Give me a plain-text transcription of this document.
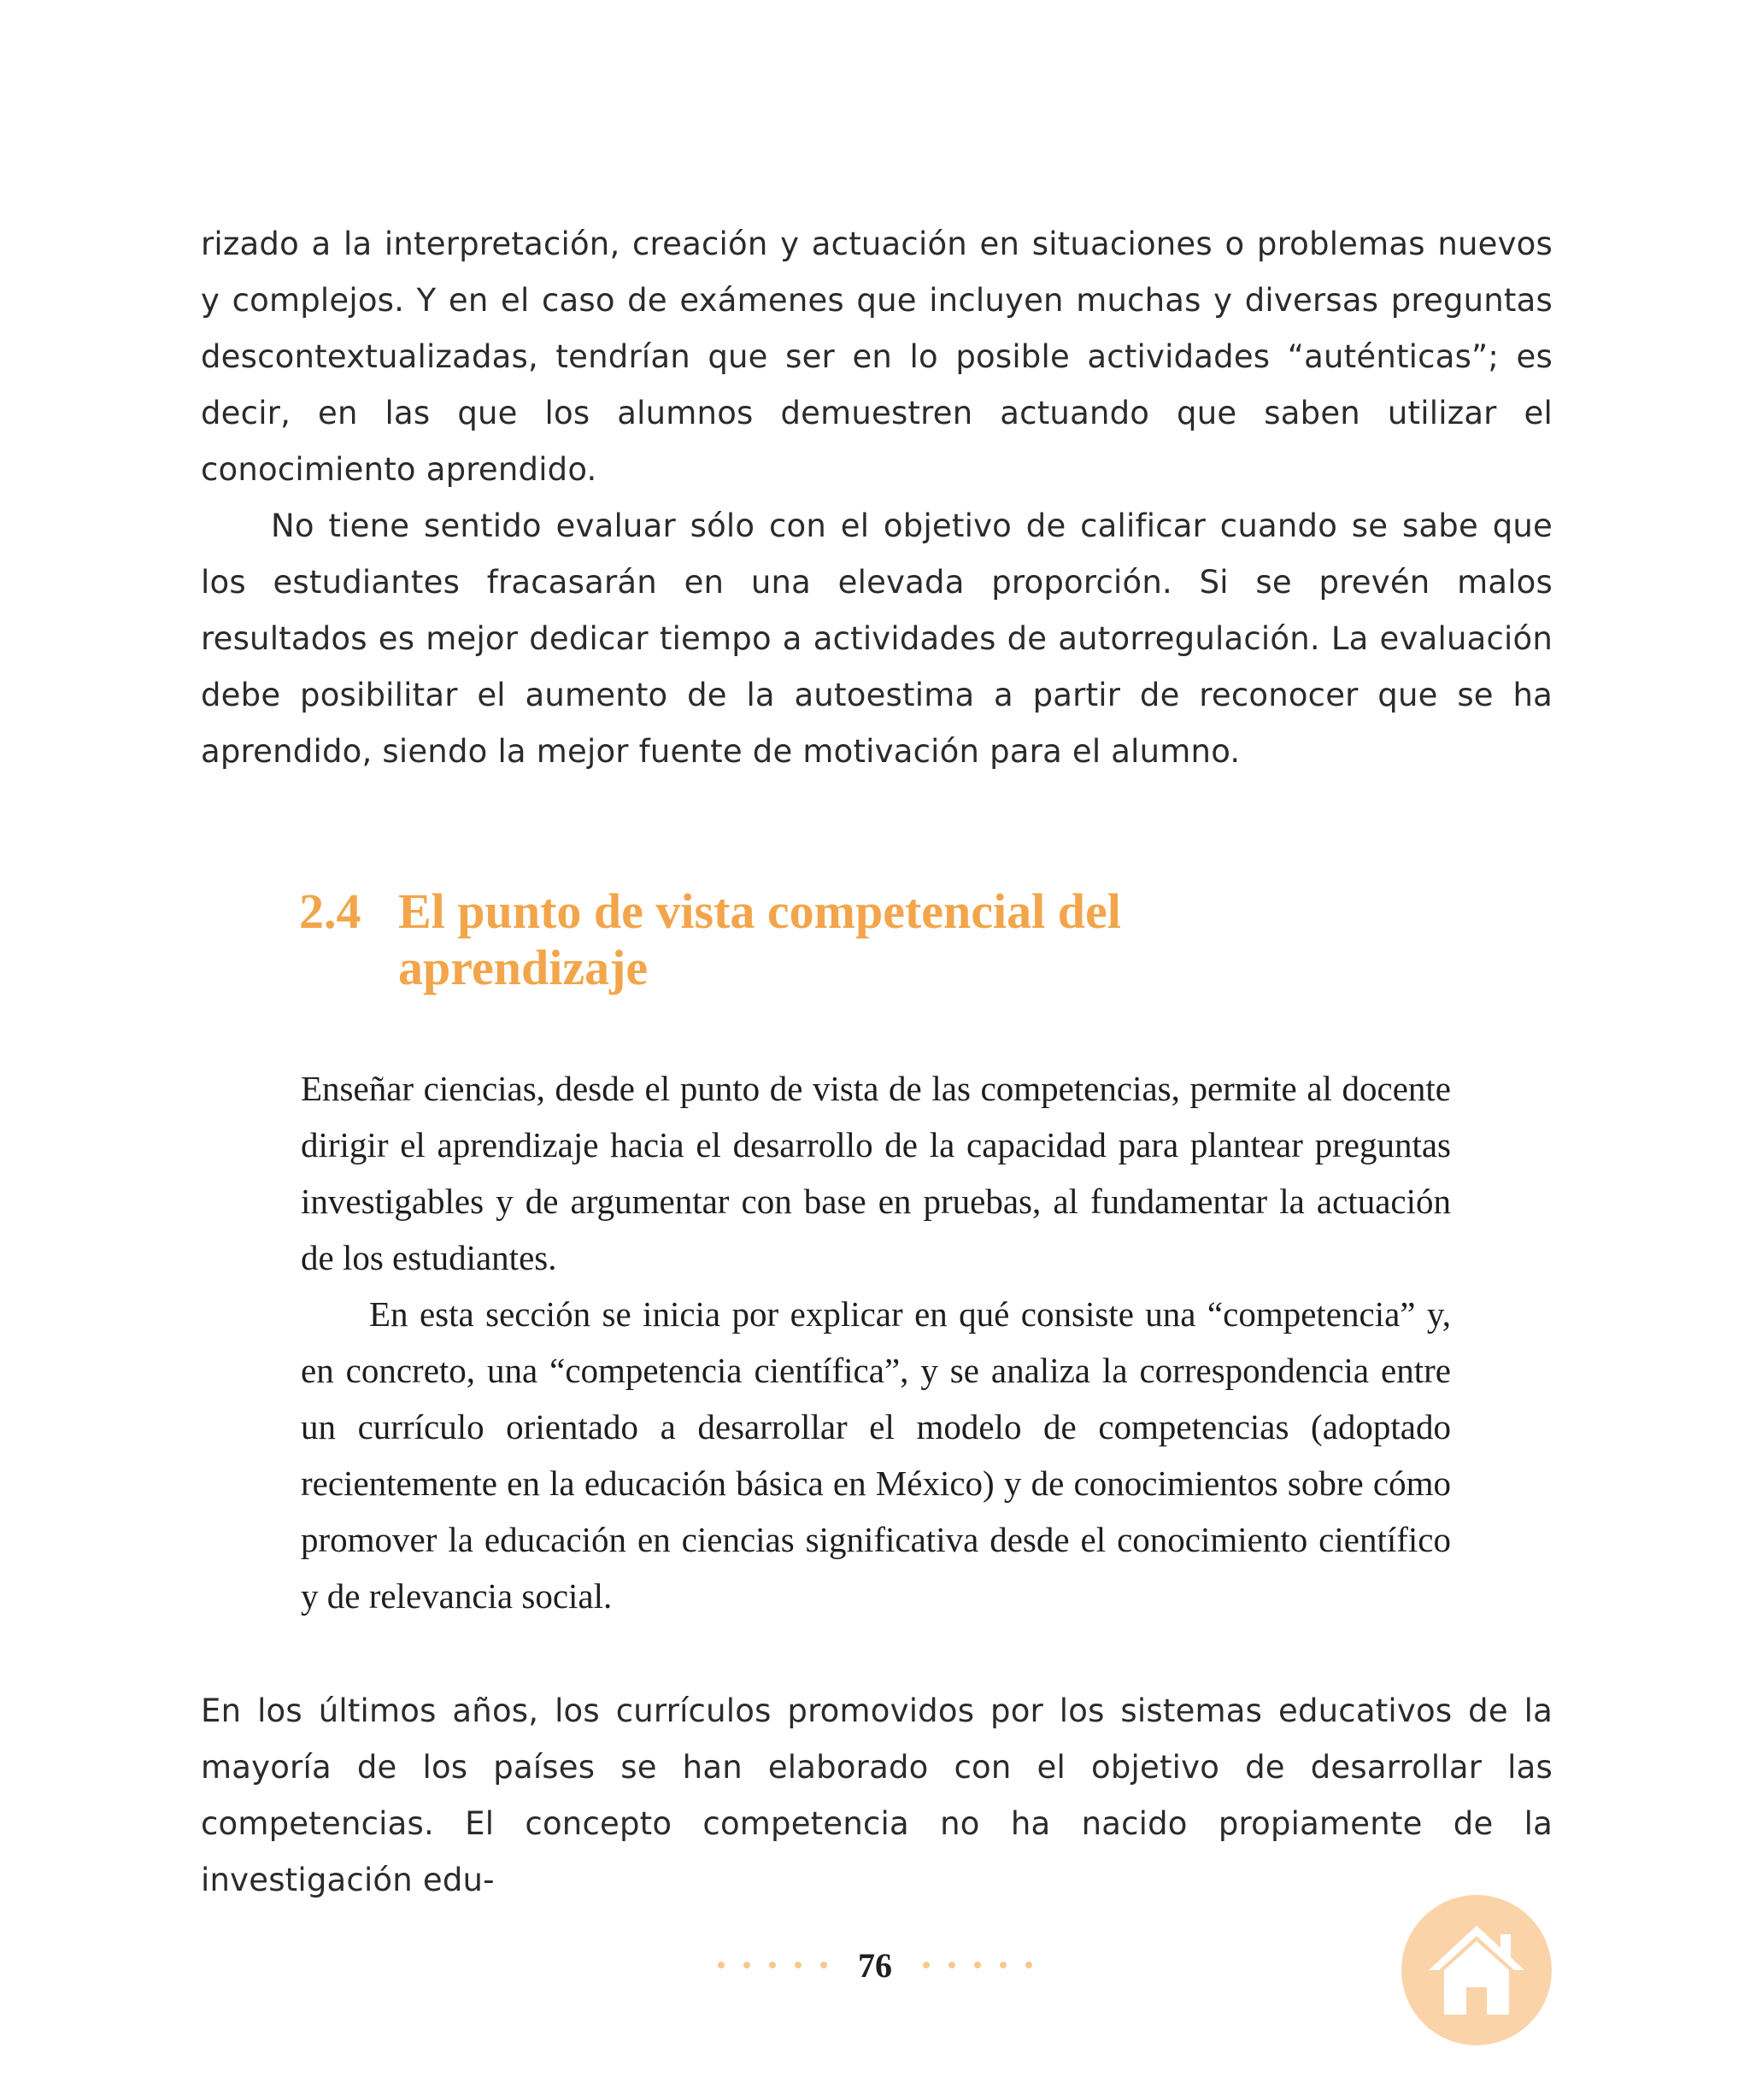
rizado a la interpretación, creación y actuación en situaciones o problemas nuevos y complejos. Y en el caso de exámenes que incluyen muchas y diversas preguntas descontextualizadas, tendrían que ser en lo posible actividades “auténticas”; es decir, en las que los alumnos demuestren actuando que saben utilizar el conocimiento aprendido.

No tiene sentido evaluar sólo con el objetivo de calificar cuando se sabe que los estudiantes fracasarán en una elevada proporción. Si se prevén malos resultados es mejor dedicar tiempo a actividades de autorregulación. La evaluación debe posibilitar el aumento de la autoestima a partir de reconocer que se ha aprendido, siendo la mejor fuente de motivación para el alumno.

2.4 El punto de vista competencial del aprendizaje

Enseñar ciencias, desde el punto de vista de las competencias, permite al docente dirigir el aprendizaje hacia el desarrollo de la capacidad para plantear preguntas investigables y de argumentar con base en pruebas, al fundamentar la actuación de los estudiantes.

En esta sección se inicia por explicar en qué consiste una “competencia” y, en concreto, una “competencia científica”, y se analiza la correspondencia entre un currículo orientado a desarrollar el modelo de competencias (adoptado recientemente en la educación básica en México) y de conocimientos sobre cómo promover la educación en ciencias significativa desde el conocimiento científico y de relevancia social.

En los últimos años, los currículos promovidos por los sistemas educativos de la mayoría de los países se han elaborado con el objetivo de desarrollar las competencias. El concepto competencia no ha nacido propiamente de la investigación edu-

76
